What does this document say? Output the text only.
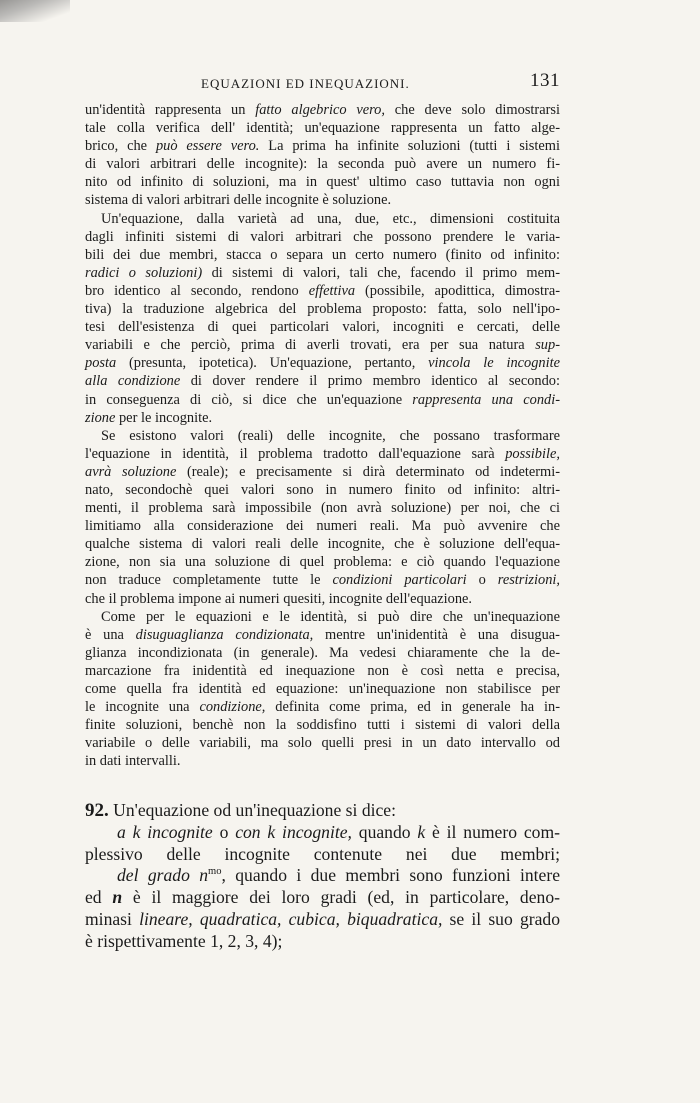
EQUAZIONI ED INEQUAZIONI.	131

un'identità rappresenta un fatto algebrico vero, che deve solo dimostrarsi
tale colla verifica dell' identità; un'equazione rappresenta un fatto alge-
brico, che può essere vero. La prima ha infinite soluzioni (tutti i sistemi
di valori arbitrari delle incognite): la seconda può avere un numero fi-
nito od infinito di soluzioni, ma in quest' ultimo caso tuttavia non ogni
sistema di valori arbitrari delle incognite è soluzione.

Un'equazione, dalla varietà ad una, due, etc., dimensioni costituita
dagli infiniti sistemi di valori arbitrari che possono prendere le varia-
bili dei due membri, stacca o separa un certo numero (finito od infinito:
radici o soluzioni) di sistemi di valori, tali che, facendo il primo mem-
bro identico al secondo, rendono effettiva (possibile, apodittica, dimostra-
tiva) la traduzione algebrica del problema proposto: fatta, solo nell'ipo-
tesi dell'esistenza di quei particolari valori, incogniti e cercati, delle
variabili e che perciò, prima di averli trovati, era per sua natura sup-
posta (presunta, ipotetica). Un'equazione, pertanto, vincola le incognite
alla condizione di dover rendere il primo membro identico al secondo:
in conseguenza di ciò, si dice che un'equazione rappresenta una condi-
zione per le incognite.

Se esistono valori (reali) delle incognite, che possano trasformare
l'equazione in identità, il problema tradotto dall'equazione sarà possibile,
avrà soluzione (reale); e precisamente si dirà determinato od indetermi-
nato, secondochè quei valori sono in numero finito od infinito: altri-
menti, il problema sarà impossibile (non avrà soluzione) per noi, che ci
limitiamo alla considerazione dei numeri reali. Ma può avvenire che
qualche sistema di valori reali delle incognite, che è soluzione dell'equa-
zione, non sia una soluzione di quel problema: e ciò quando l'equazione
non traduce completamente tutte le condizioni particolari o restrizioni,
che il problema impone ai numeri quesiti, incognite dell'equazione.

Come per le equazioni e le identità, si può dire che un'inequazione
è una disuguaglianza condizionata, mentre un'inidentità è una disugua-
glianza incondizionata (in generale). Ma vedesi chiaramente che la de-
marcazione fra inidentità ed inequazione non è così netta e precisa,
come quella fra identità ed equazione: un'inequazione non stabilisce per
le incognite una condizione, definita come prima, ed in generale ha in-
finite soluzioni, benchè non la soddisfino tutti i sistemi di valori della
variabile o delle variabili, ma solo quelli presi in un dato intervallo od
in dati intervalli.

92. Un'equazione od un'inequazione si dice:
a k incognite o con k incognite, quando k è il numero com-
plessivo delle incognite contenute nei due membri;
del grado $n^{mo}$, quando i due membri sono funzioni intere
ed n è il maggiore dei loro gradi (ed, in particolare, deno-
minasi lineare, quadratica, cubica, biquadratica, se il suo grado
è rispettivamente 1, 2, 3, 4);
